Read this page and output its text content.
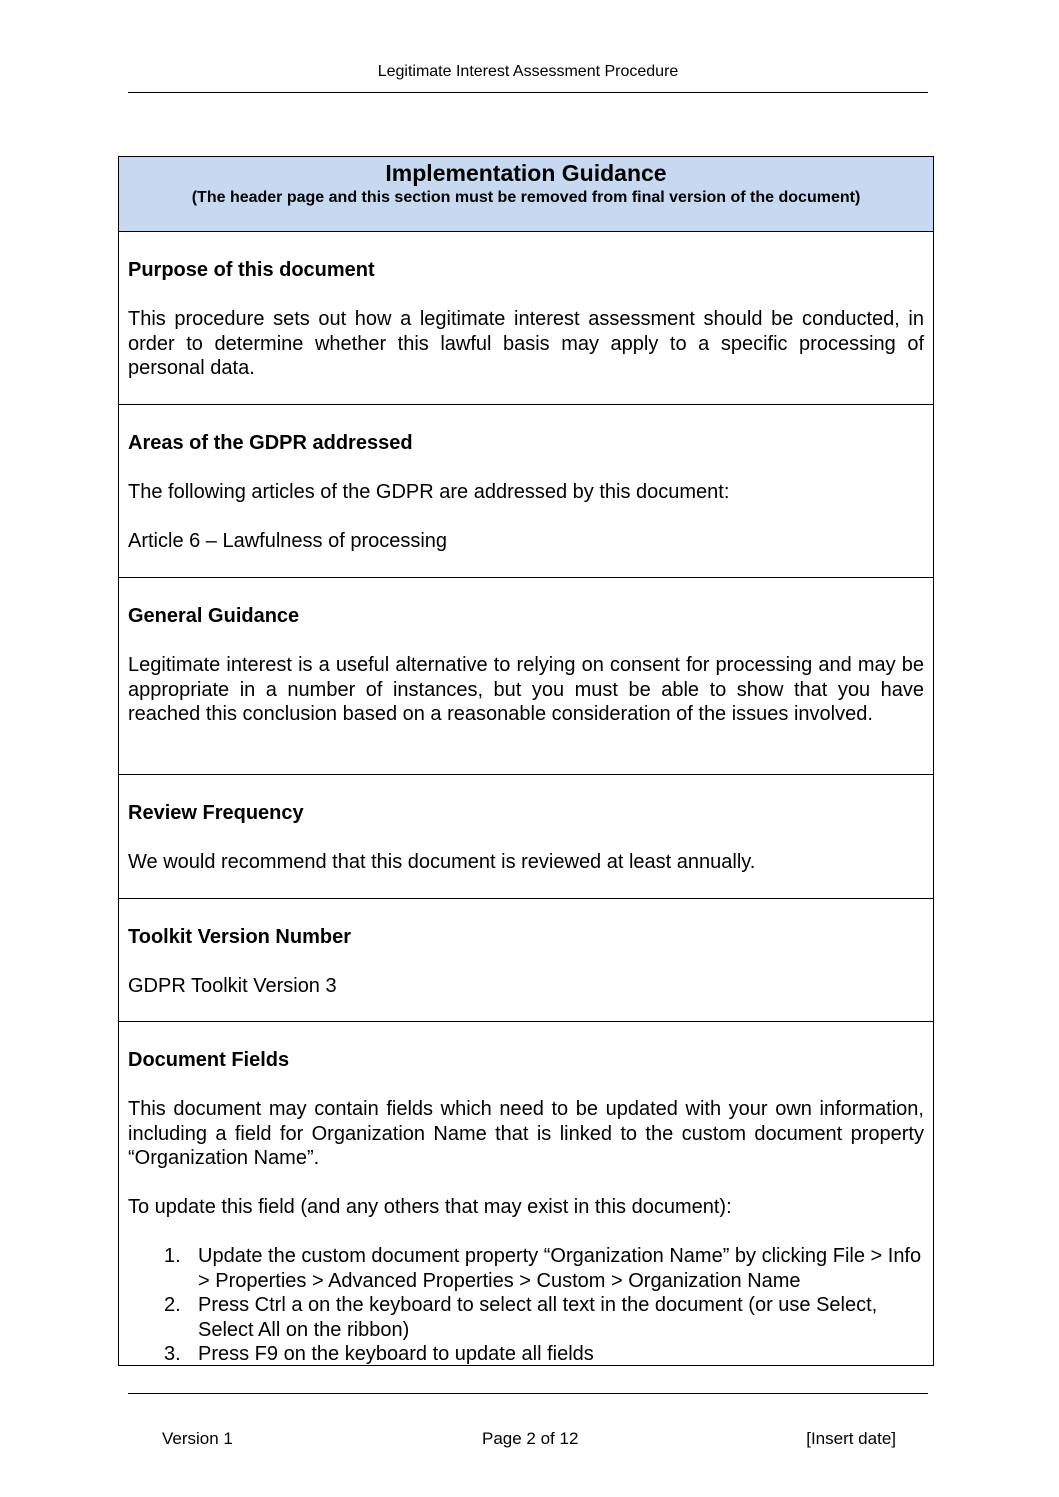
Legitimate Interest Assessment Procedure
Implementation Guidance
(The header page and this section must be removed from final version of the document)
Purpose of this document

This procedure sets out how a legitimate interest assessment should be conducted, in order to determine whether this lawful basis may apply to a specific processing of personal data.

Areas of the GDPR addressed

The following articles of the GDPR are addressed by this document:

Article 6 – Lawfulness of processing

General Guidance

Legitimate interest is a useful alternative to relying on consent for processing and may be appropriate in a number of instances, but you must be able to show that you have reached this conclusion based on a reasonable consideration of the issues involved.

Review Frequency

We would recommend that this document is reviewed at least annually.

Toolkit Version Number

GDPR Toolkit Version 3

Document Fields

This document may contain fields which need to be updated with your own information, including a field for Organization Name that is linked to the custom document property “Organization Name”.

To update this field (and any others that may exist in this document):

1. Update the custom document property “Organization Name” by clicking File > Info > Properties > Advanced Properties > Custom > Organization Name
2. Press Ctrl a on the keyboard to select all text in the document (or use Select, Select All on the ribbon)
3. Press F9 on the keyboard to update all fields
Version 1	Page 2 of 12	[Insert date]
